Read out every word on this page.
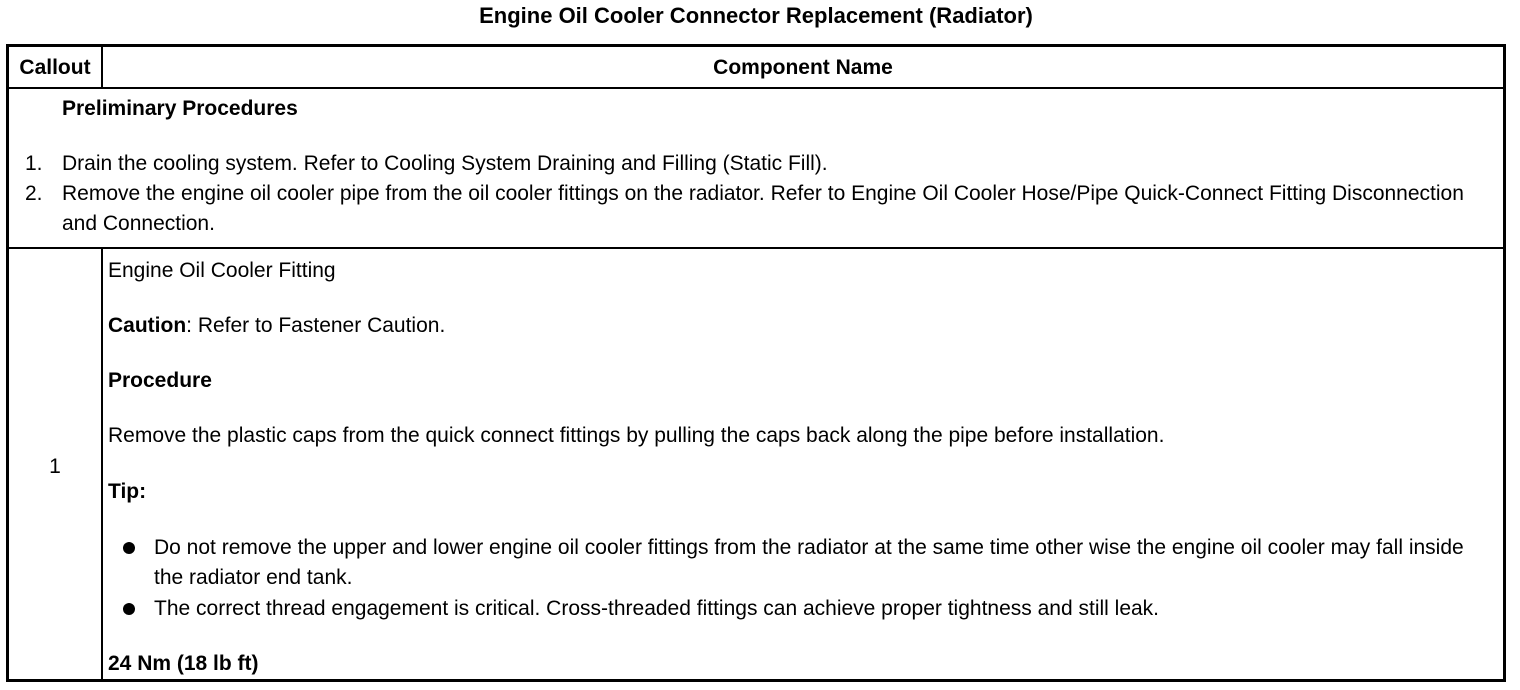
Engine Oil Cooler Connector Replacement (Radiator)
Callout	Component Name
Preliminary Procedures
1. Drain the cooling system. Refer to Cooling System Draining and Filling (Static Fill).
2. Remove the engine oil cooler pipe from the oil cooler fittings on the radiator. Refer to Engine Oil Cooler Hose/Pipe Quick-Connect Fitting Disconnection and Connection.
1
Engine Oil Cooler Fitting
Caution: Refer to Fastener Caution.
Procedure
Remove the plastic caps from the quick connect fittings by pulling the caps back along the pipe before installation.
Tip:
Do not remove the upper and lower engine oil cooler fittings from the radiator at the same time other wise the engine oil cooler may fall inside the radiator end tank.
The correct thread engagement is critical. Cross-threaded fittings can achieve proper tightness and still leak.
24 Nm (18 lb ft)
